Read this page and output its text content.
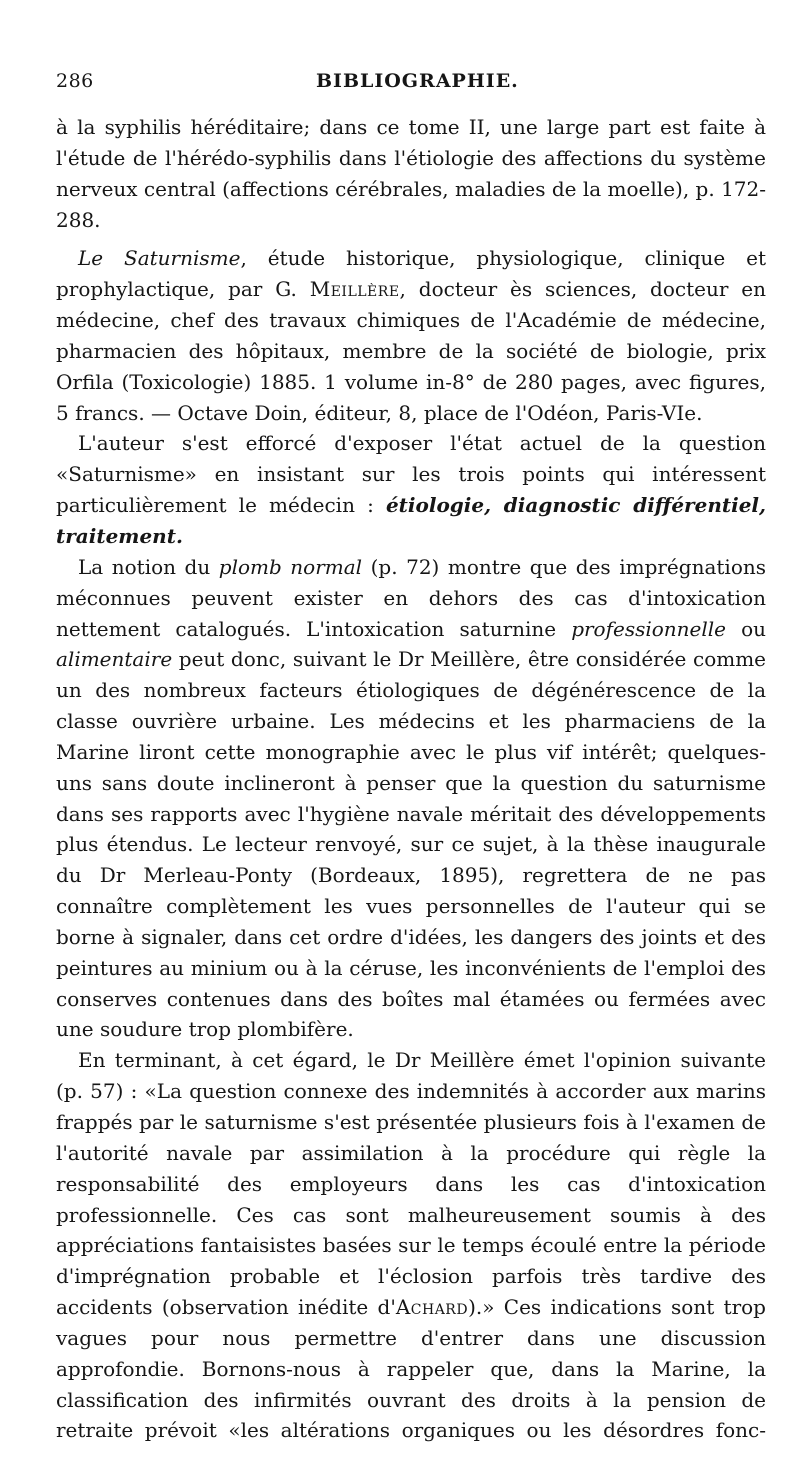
286	BIBLIOGRAPHIE.

à la syphilis héréditaire; dans ce tome II, une large part est faite à l'étude de l'hérédo-syphilis dans l'étiologie des affections du système nerveux central (affections cérébrales, maladies de la moelle), p. 172-288.

Le Saturnisme, étude historique, physiologique, clinique et prophylactique, par G. Meillère, docteur ès sciences, docteur en médecine, chef des travaux chimiques de l'Académie de médecine, pharmacien des hôpitaux, membre de la société de biologie, prix Orfila (Toxicologie) 1885. 1 volume in-8° de 280 pages, avec figures, 5 francs. — Octave Doin, éditeur, 8, place de l'Odéon, Paris-VIe.

L'auteur s'est efforcé d'exposer l'état actuel de la question «Saturnisme» en insistant sur les trois points qui intéressent particulièrement le médecin : étiologie, diagnostic différentiel, traitement.

La notion du plomb normal (p. 72) montre que des imprégnations méconnues peuvent exister en dehors des cas d'intoxication nettement catalogués. L'intoxication saturnine professionnelle ou alimentaire peut donc, suivant le Dr Meillère, être considérée comme un des nombreux facteurs étiologiques de dégénérescence de la classe ouvrière urbaine. Les médecins et les pharmaciens de la Marine liront cette monographie avec le plus vif intérêt; quelques-uns sans doute inclineront à penser que la question du saturnisme dans ses rapports avec l'hygiène navale méritait des développements plus étendus. Le lecteur renvoyé, sur ce sujet, à la thèse inaugurale du Dr Merleau-Ponty (Bordeaux, 1895), regrettera de ne pas connaître complètement les vues personnelles de l'auteur qui se borne à signaler, dans cet ordre d'idées, les dangers des joints et des peintures au minium ou à la céruse, les inconvénients de l'emploi des conserves contenues dans des boîtes mal étamées ou fermées avec une soudure trop plombifère.

En terminant, à cet égard, le Dr Meillère émet l'opinion suivante (p. 57) : «La question connexe des indemnités à accorder aux marins frappés par le saturnisme s'est présentée plusieurs fois à l'examen de l'autorité navale par assimilation à la procédure qui règle la responsabilité des employeurs dans les cas d'intoxication professionnelle. Ces cas sont malheureusement soumis à des appréciations fantaisistes basées sur le temps écoulé entre la période d'imprégnation probable et l'éclosion parfois très tardive des accidents (observation inédite d'Achard).» Ces indications sont trop vagues pour nous permettre d'entrer dans une discussion approfondie. Bornons-nous à rappeler que, dans la Marine, la classification des infirmités ouvrant des droits à la pension de retraite prévoit «les altérations organiques ou les désordres fonc-
